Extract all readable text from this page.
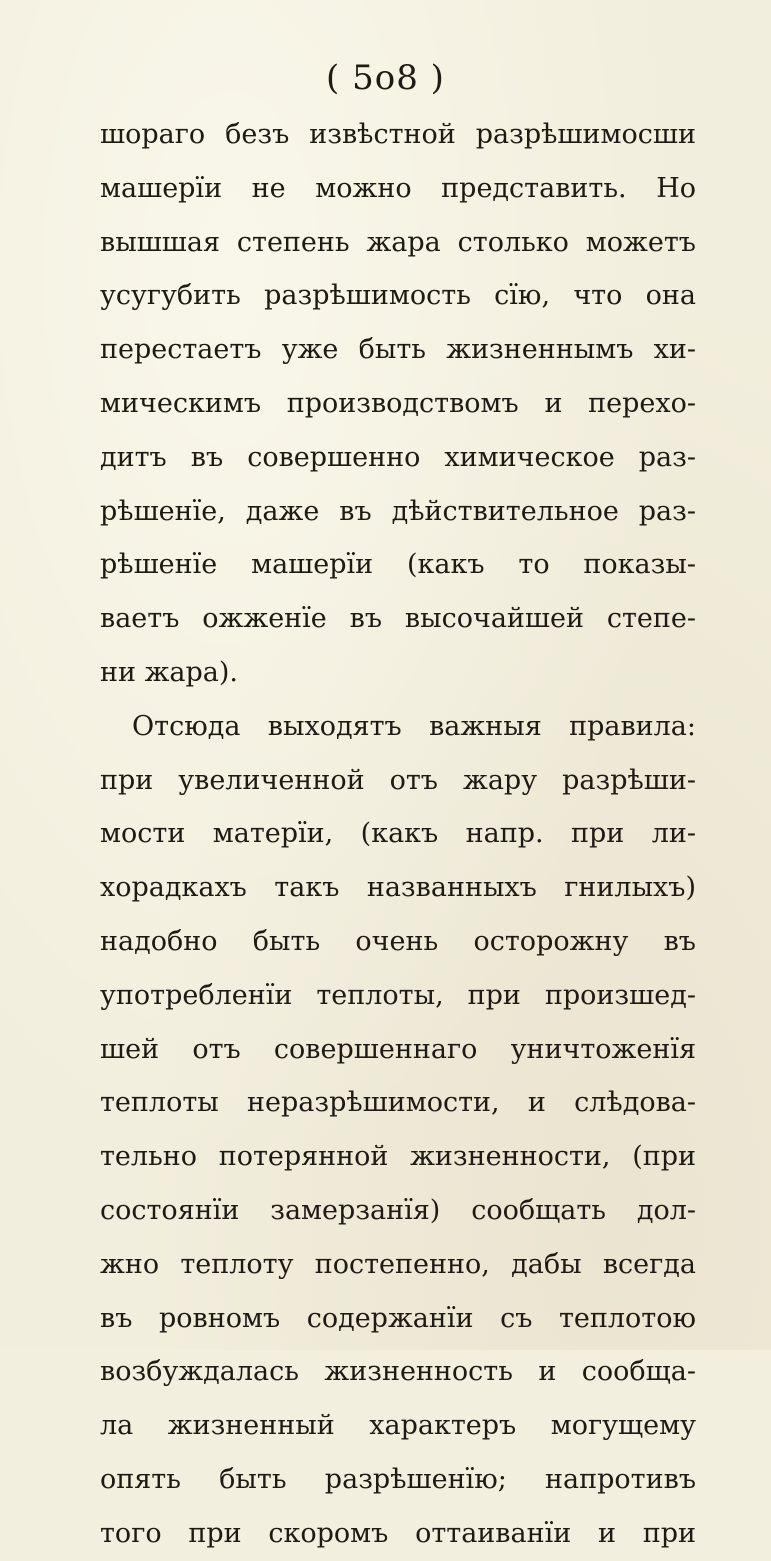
( 5o8 )
шорагo безъ извѣстной разрѣшимосши
машерїи не можно представить. Но
вышшая степень жара столько можетъ
усугубить разрѣшимость сїю, что она
перестаетъ уже быть жизненнымъ хи-
мическимъ производствомъ и перехо-
дитъ въ совершенно химическое раз-
рѣшенїе, даже въ дѣйствительное раз-
рѣшенїе машерїи (какъ то показы-
ваетъ ожженїе въ высочайшей степе-
ни жара).
Отсюда выходятъ важныя правила:
при увеличенной отъ жару разрѣши-
мости матерїи, (какъ напр. при ли-
хорадкахъ такъ названныхъ гнилыхъ)
надобно быть очень осторожну въ
употребленїи теплоты, при произшед-
шей отъ совершеннаго уничтоженїя
теплоты неразрѣшимости, и слѣдова-
тельно потерянной жизненности, (при
состоянїи замерзанїя) сообщать дол-
жно теплоту постепенно, дабы всегда
въ ровномъ содержанїи съ теплотою
возбуждалась жизненность и сообща-
ла жизненный характеръ могущему
опять быть разрѣшенїю; напротивъ
того при скоромъ оттаиванїи и при
